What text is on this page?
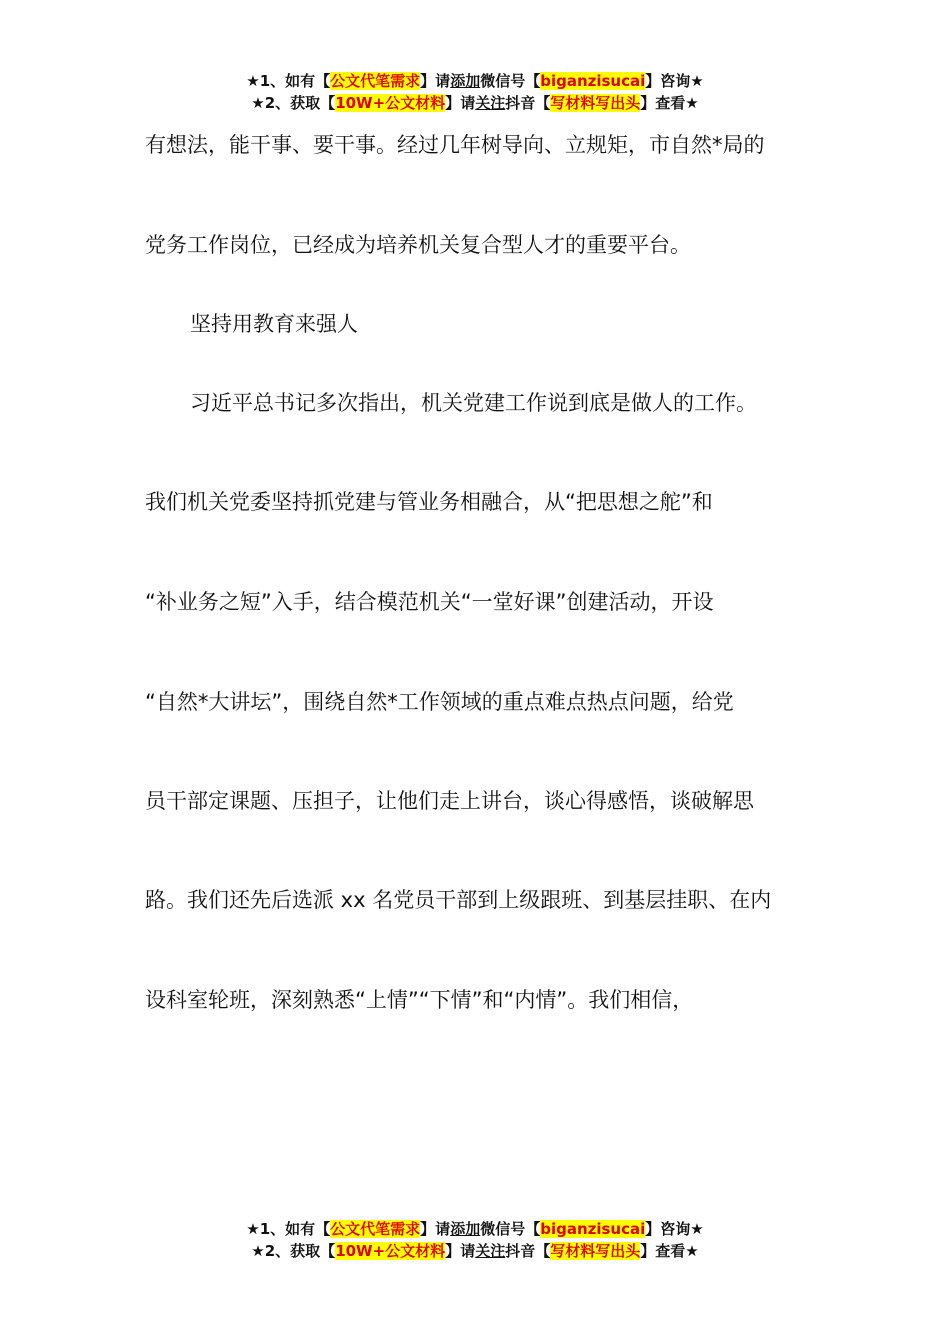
★1、如有【公文代笔需求】请添加微信号【biganzisucai】咨询★
★2、获取【10W+公文材料】请关注抖音【写材料写出头】查看★
有想法，能干事、要干事。经过几年树导向、立规矩，市自然*局的
党务工作岗位，已经成为培养机关复合型人才的重要平台。
坚持用教育来强人
习近平总书记多次指出，机关党建工作说到底是做人的工作。
我们机关党委坚持抓党建与管业务相融合，从“把思想之舵”和
“补业务之短”入手，结合模范机关“一堂好课”创建活动，开设
“自然*大讲坛”，围绕自然*工作领域的重点难点热点问题，给党
员干部定课题、压担子，让他们走上讲台，谈心得感悟，谈破解思
路。我们还先后选派 xx 名党员干部到上级跟班、到基层挂职、在内
设科室轮班，深刻熟悉“上情”“下情”和“内情”。我们相信，
★1、如有【公文代笔需求】请添加微信号【biganzisucai】咨询★
★2、获取【10W+公文材料】请关注抖音【写材料写出头】查看★
